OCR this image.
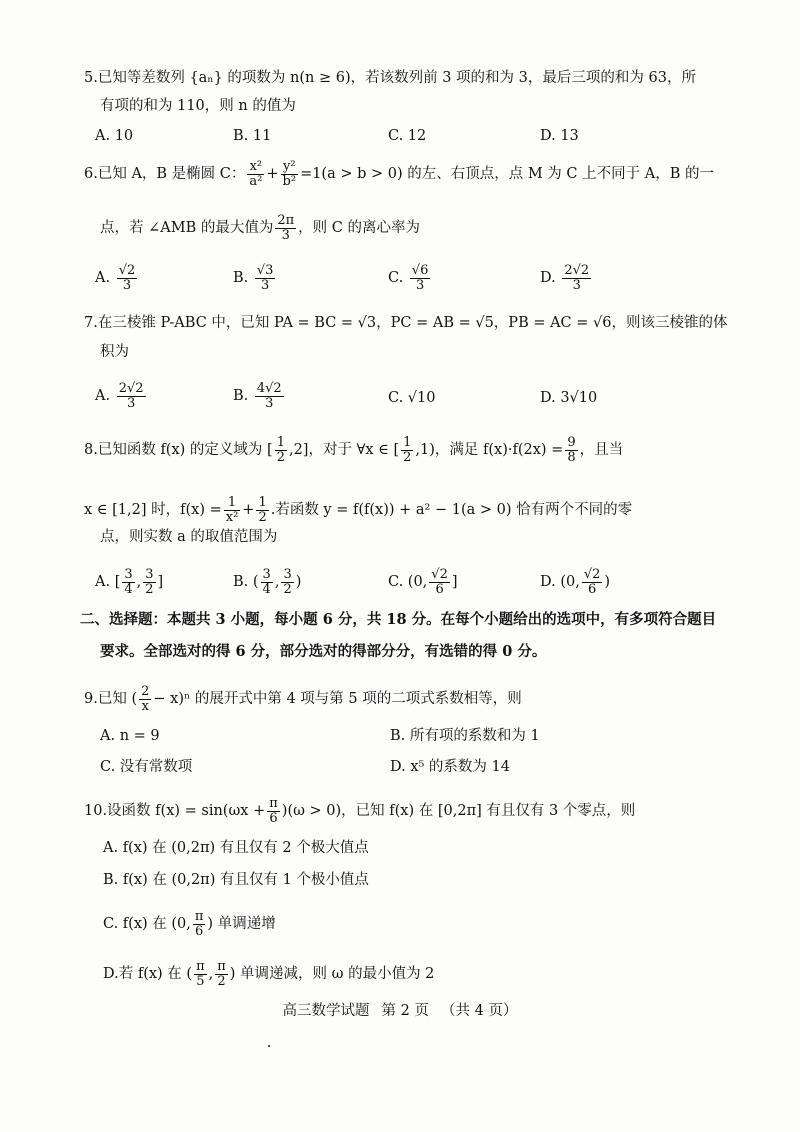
5.已知等差数列 {aₙ} 的项数为 n(n ≥ 6)，若该数列前 3 项的和为 3，最后三项的和为 63，所
有项的和为 110，则 n 的值为
A. 10	B. 11	C. 12	D. 13
6.已知 A，B 是椭圆 C： $\frac{\text{x²}}{\text{a²}} + \frac{\text{y²}}{\text{b²}} =1(a > b > 0)$ 的左、右顶点，点 M 为 C 上不同于 A，B 的一
点，若 ∠AMB 的最大值为 $\frac{2\pi}{3}$ ，则 C 的离心率为
A. $\frac{√2}{3}$	B. $\frac{√3}{3}$	C. $\frac{√6}{3}$	D. $\frac{2√2}{3}$
7.在三棱锥 P-ABC 中，已知 PA = BC = √3，PC = AB = √5，PB = AC = √6，则该三棱锥的体
积为
A. $\frac{2√2}{3}$	B. $\frac{4√2}{3}$	C. √10	D. 3√10
8.已知函数 f(x) 的定义域为 [ $\frac{1}{2} ,2$]，对于 ∀x ∈ [ $\frac{1}{2} ,1$)，满足 $f(x)\cdot f(2x) = \frac{9}{8}$ ，且当
x ∈ [1,2] 时，$f(x) = \frac{1}{\text{x²}} + \frac{1}{2}$ .若函数 y = f(f(x)) + a² − 1(a > 0) 恰有两个不同的零
点，则实数 a 的取值范围为
A. [ $\frac{3}{4}$ , $\frac{3}{2}$ ]	B. ( $\frac{3}{4}$ , $\frac{3}{2}$ )	C. (0, $\frac{√2}{6}$ ]	D. (0, $\frac{√2}{6}$ )
二、选择题：本题共 3 小题，每小题 6 分，共 18 分。在每个小题给出的选项中，有多项符合题目
要求。全部选对的得 6 分，部分选对的得部分分，有选错的得 0 分。
9.已知 ( $\frac{2}{x} - x)^n$ 的展开式中第 4 项与第 5 项的二项式系数相等，则
A. n = 9	B. 所有项的系数和为 1
C. 没有常数项	D. x⁵ 的系数为 14
10.设函数 $f(x) = \sin(\omega x + \frac{\pi}{6} )(\omega > 0)$，已知 f(x) 在 [0,2π] 有且仅有 3 个零点，则
A. f(x) 在 (0,2π) 有且仅有 2 个极大值点
B. f(x) 在 (0,2π) 有且仅有 1 个极小值点
C. f(x) 在 (0, $\frac{\pi}{6}$ ) 单调递增
D.若 f(x) 在 ( $\frac{\pi}{5}$ , $\frac{\pi}{2}$ ) 单调递减，则 ω 的最小值为 2
高三数学试题 第 2 页 （共 4 页）
